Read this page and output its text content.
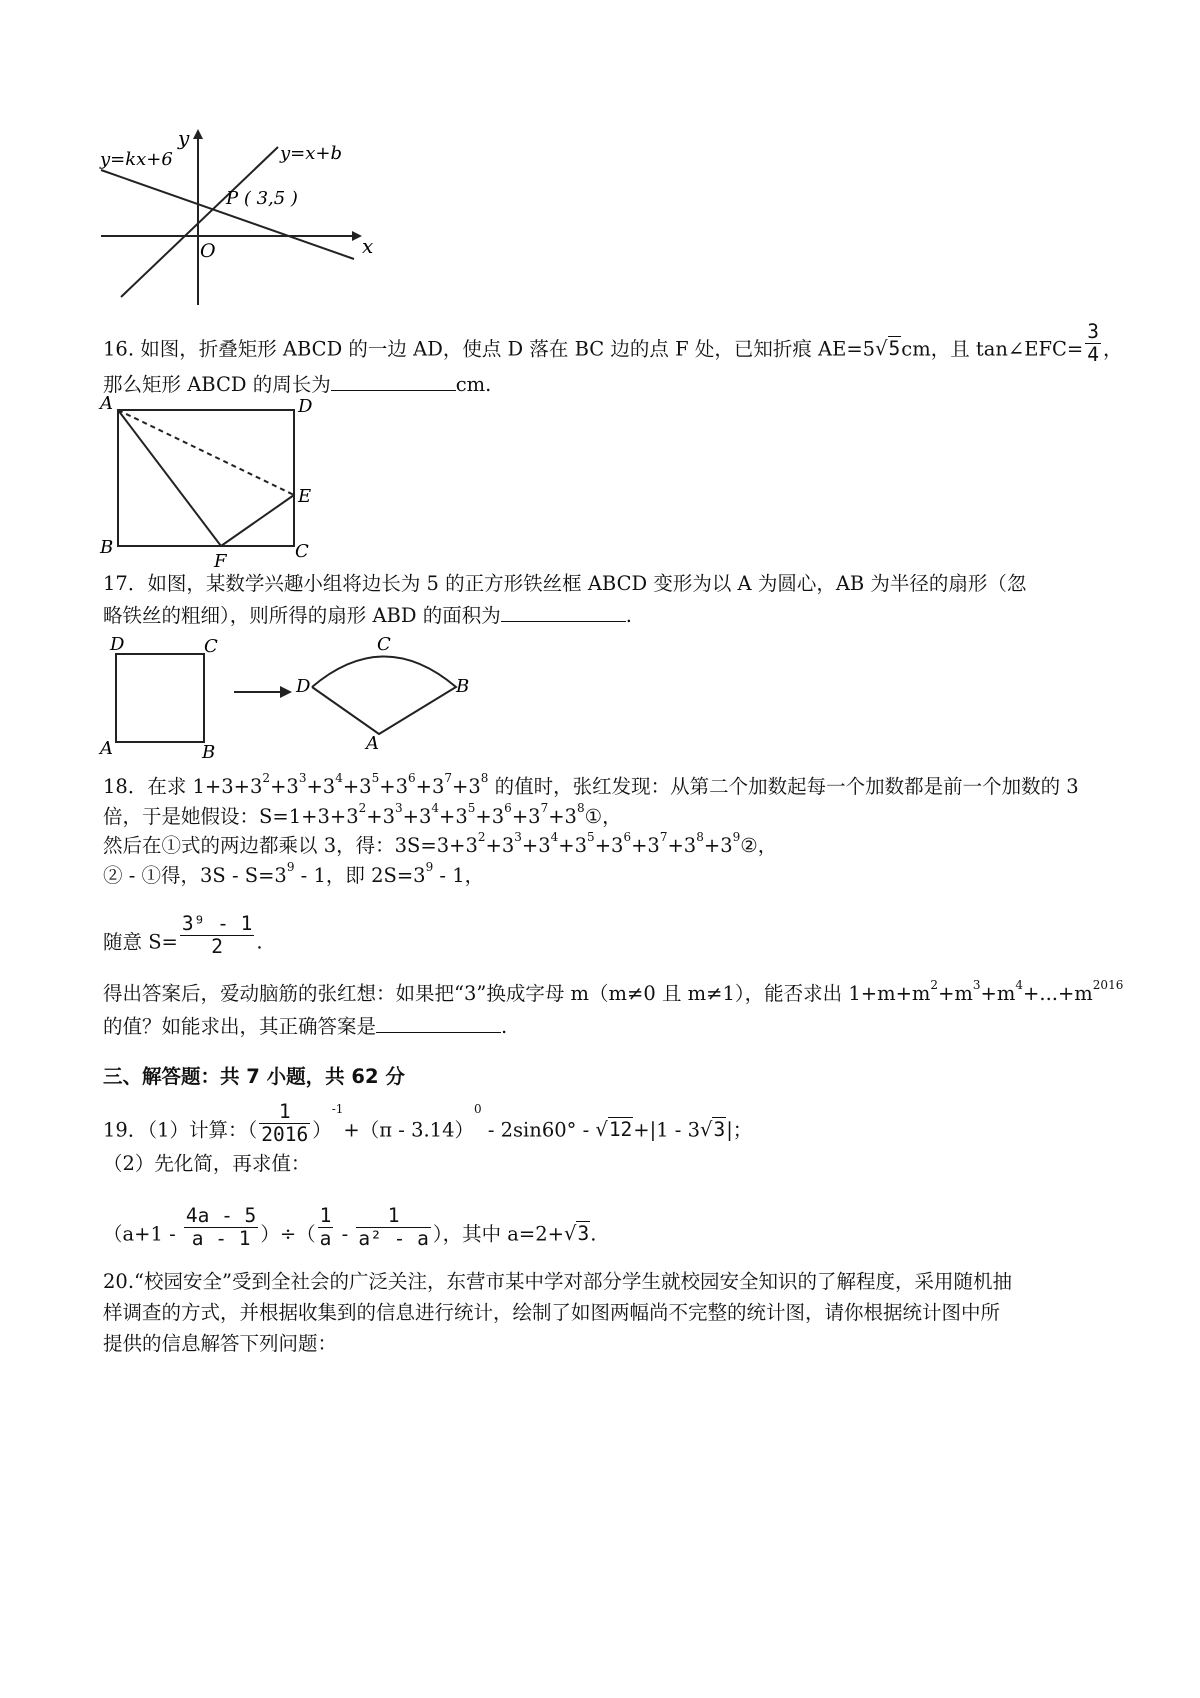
y
x
O
y=kx+6	y=x+b
P ( 3,5 )
16. 如图，折叠矩形 ABCD 的一边 AD，使点 D 落在 BC 边的点 F 处，已知折痕 AE=5√5cm，且 tan∠EFC= $\frac{3}{4}$ ，
那么矩形 ABCD 的周长为	cm.
A	D
E
B
F	C
17．如图，某数学兴趣小组将边长为 5 的正方形铁丝框 ABCD 变形为以 A 为圆心，AB 为半径的扇形（忽
略铁丝的粗细），则所得的扇形 ABD 的面积为	.
D	C
A	B
D
C
B
A
18．在求 $1+3+3^2+3^3+3^4+3^5+3^6+3^7+3^8$ 的值时，张红发现：从第二个加数起每一个加数都是前一个加数的 3
倍，于是她假设：$S=1+3+3^2+3^3+3^4+3^5+3^6+3^7+3^8①$，
然后在①式的两边都乘以 3，得：$3S=3+3^2+3^3+3^4+3^5+3^6+3^7+3^8+3^9②$，
② - ①得，$3S - S=3^9 - 1$，即 $2S=3^9 - 1$，
随意 $S= \frac{\text{3⁹ - 1}}{2}$ .
得出答案后，爱动脑筋的张红想：如果把“3”换成字母 m（m≠0 且 m≠1），能否求出 $1+m+m^2+m^3+m^4+...+m^{2016}$
的值？如能求出，其正确答案是	.
三、解答题：共 7 小题，共 62 分
19．（1）计算：（ $\frac{1}{2016} )^{-1}+(\pi - 3.14)^0 - 2\sin 60^\circ - √12+|1 - 3√3|$；
（2）先化简，再求值：
（$a+1 - \frac{4a - 5}{a - 1}$ ）÷（ $\frac{1}{a} - \frac{1}{\text{a² - a}}$ ），其中 a=2+√3.
20.“校园安全”受到全社会的广泛关注，东营市某中学对部分学生就校园安全知识的了解程度，采用随机抽
样调查的方式，并根据收集到的信息进行统计，绘制了如图两幅尚不完整的统计图，请你根据统计图中所
提供的信息解答下列问题：
